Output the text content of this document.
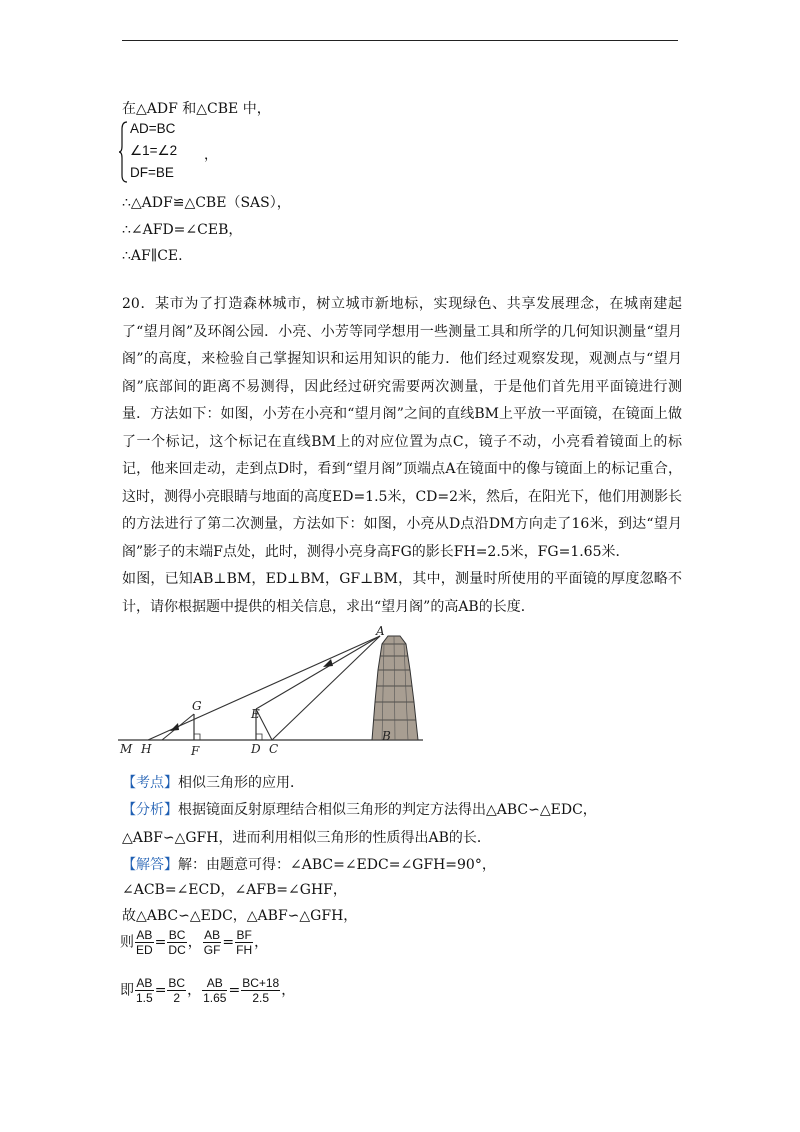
在△ADF 和△CBE 中，
AD=BC
∠1=∠2
DF=BE
，
∴△ADF≌△CBE（SAS），
∴∠AFD=∠CEB，
∴AF∥CE.

20．某市为了打造森林城市，树立城市新地标，实现绿色、共享发展理念，在城南建起了“望月阁”及环阁公园．小亮、小芳等同学想用一些测量工具和所学的几何知识测量“望月阁”的高度，来检验自己掌握知识和运用知识的能力．他们经过观察发现，观测点与“望月阁”底部间的距离不易测得，因此经过研究需要两次测量，于是他们首先用平面镜进行测量．方法如下：如图，小芳在小亮和“望月阁”之间的直线BM上平放一平面镜，在镜面上做了一个标记，这个标记在直线BM上的对应位置为点C，镜子不动，小亮看着镜面上的标记，他来回走动，走到点D时，看到“望月阁”顶端点A在镜面中的像与镜面上的标记重合，这时，测得小亮眼睛与地面的高度ED=1.5米，CD=2米，然后，在阳光下，他们用测影长的方法进行了第二次测量，方法如下：如图，小亮从D点沿DM方向走了16米，到达“望月阁”影子的末端F点处，此时，测得小亮身高FG的影长FH=2.5米，FG=1.65米．

如图，已知AB⊥BM，ED⊥BM，GF⊥BM，其中，测量时所使用的平面镜的厚度忽略不计，请你根据题中提供的相关信息，求出“望月阁”的高AB的长度．

A
B
C
D
E
F
G
H
M
【考点】相似三角形的应用．
【分析】根据镜面反射原理结合相似三角形的判定方法得出△ABC∽△EDC，
△ABF∽△GFH，进而利用相似三角形的性质得出AB的长．
【解答】解：由题意可得：∠ABC=∠EDC=∠GFH=90°，
∠ACB=∠ECD，∠AFB=∠GHF，
故△ABC∽△EDC，△ABF∽△GFH，
则 $\frac{AB}{ED} = \frac{BC}{DC}$ ， $\frac{AB}{GF} = \frac{BF}{FH}$ ，
即 $\frac{AB}{1.5} = \frac{BC}{2}$ ， $\frac{AB}{1.65} = \frac{BC+18}{2.5}$ ，
